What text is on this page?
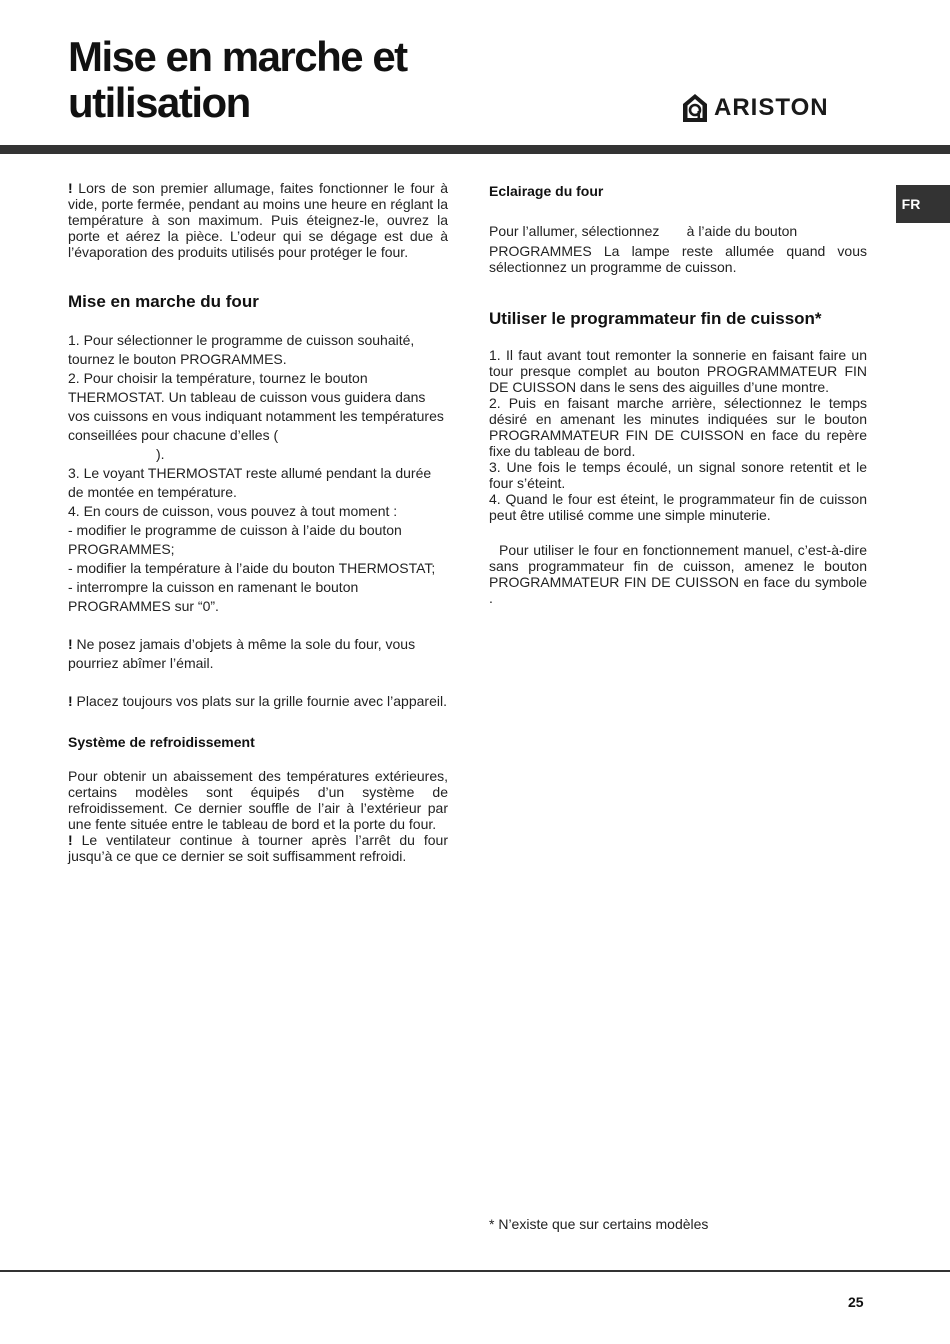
Mise en marche et
utilisation	ARISTON
FR

! Lors de son premier allumage, faites fonctionner le four à vide, porte fermée, pendant au moins une heure en réglant la température à son maximum. Puis éteignez-le, ouvrez la porte et aérez la pièce. L’odeur qui se dégage est due à l’évaporation des produits utilisés pour protéger le four.

Mise en marche du four

1. Pour sélectionner le programme de cuisson souhaité, tournez le bouton PROGRAMMES.

2. Pour choisir la température, tournez le bouton THERMOSTAT. Un tableau de cuisson vous guidera dans vos cuissons en vous indiquant notamment les températures conseillées pour chacune d’elles (

).

3. Le voyant THERMOSTAT reste allumé pendant la durée de montée en température.

4. En cours de cuisson, vous pouvez à tout moment :

- modifier le programme de cuisson à l’aide du bouton PROGRAMMES;

- modifier la température à l’aide du bouton THERMOSTAT;

- interrompre la cuisson en ramenant le bouton PROGRAMMES sur “0”.

! Ne posez jamais d’objets à même la sole du four, vous pourriez abîmer l’émail.

! Placez toujours vos plats sur la grille fournie avec l’appareil.

Système de refroidissement

Pour obtenir un abaissement des températures extérieures, certains modèles sont équipés d’un système de refroidissement. Ce dernier souffle de l’air à l’extérieur par une fente située entre le tableau de bord et la porte du four.

! Le ventilateur continue à tourner après l’arrêt du four jusqu’à ce que ce dernier se soit suffisamment refroidi.

Eclairage du four

Pour l’allumer, sélectionnez       à l’aide du bouton

PROGRAMMES La lampe reste allumée quand vous sélectionnez un programme de cuisson.

Utiliser le programmateur fin de cuisson*

1. Il faut avant tout remonter la sonnerie en faisant faire un tour presque complet au bouton PROGRAMMATEUR FIN DE CUISSON dans le sens des aiguilles d’une montre.

2. Puis en faisant marche arrière, sélectionnez le temps désiré en amenant les minutes indiquées sur le bouton PROGRAMMATEUR FIN DE CUISSON en face du repère fixe du tableau de bord.

3. Une fois le temps écoulé, un signal sonore retentit et le four s’éteint.

4. Quand le four est éteint, le programmateur fin de cuisson peut être utilisé comme une simple minuterie.

Pour utiliser le four en fonctionnement manuel, c’est-à-dire sans programmateur fin de cuisson, amenez le bouton PROGRAMMATEUR FIN DE CUISSON en face du symbole .

* N’existe que sur certains modèles
25
